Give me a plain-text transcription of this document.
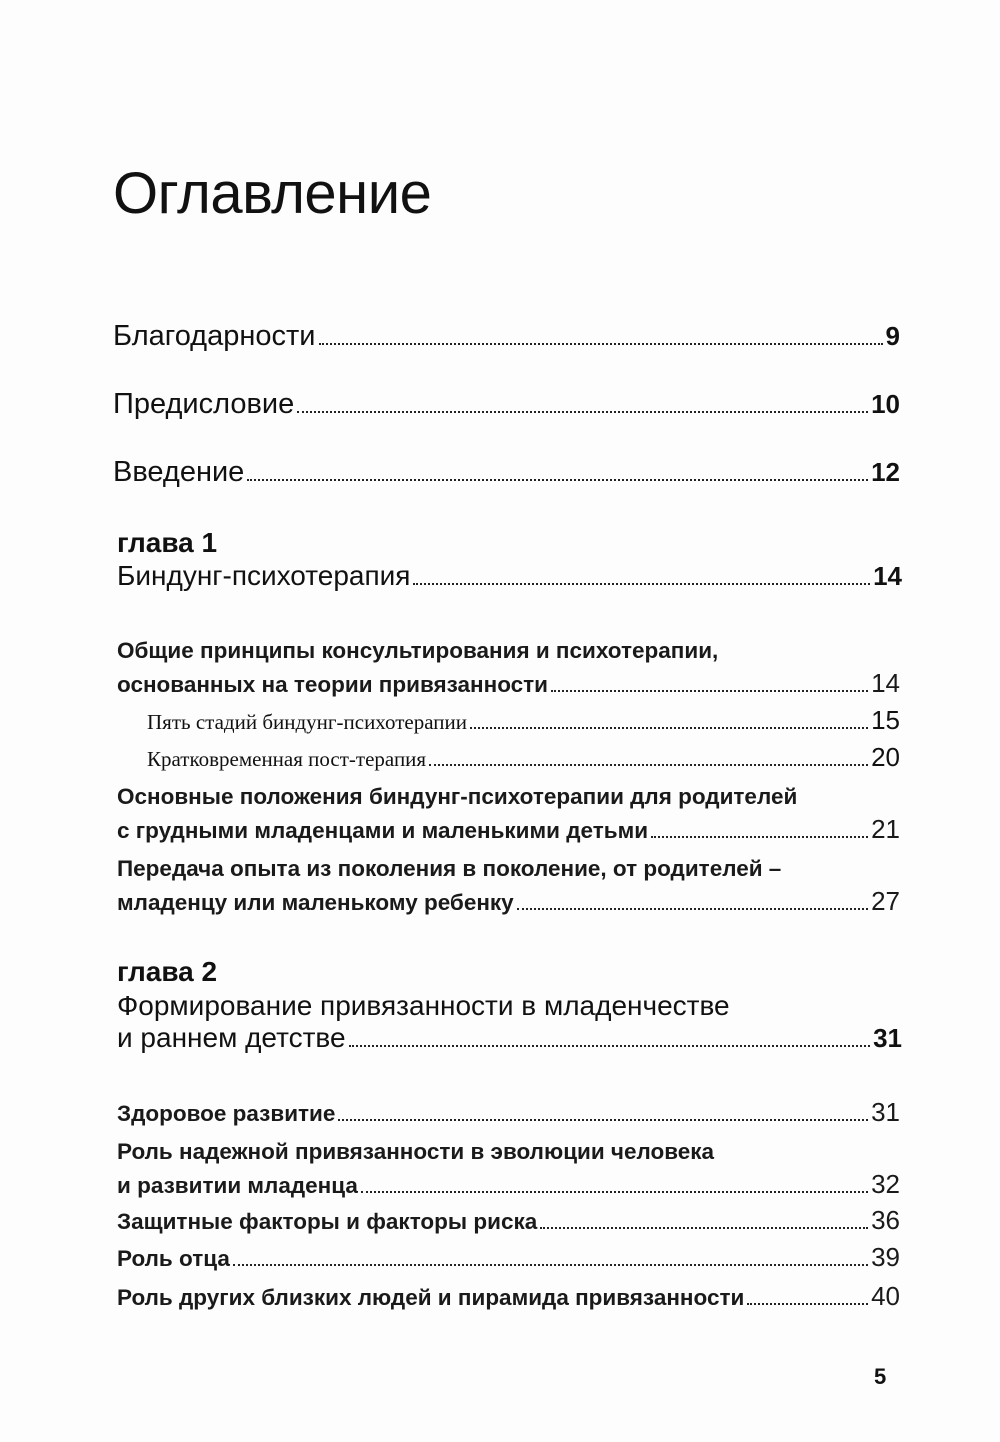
Оглавление
Благодарности	9
Предисловие	10
Введение	12
глава 1
Биндунг-психотерапия	14
Общие принципы консультирования и психотерапии,
основанных на теории привязанности	14
Пять стадий биндунг-психотерапии	15
Кратковременная пост-терапия	20
Основные положения биндунг-психотерапии для родителей
с грудными младенцами и маленькими детьми	21
Передача опыта из поколения в поколение, от родителей –
младенцу или маленькому ребенку	27
глава 2
Формирование привязанности в младенчестве
и раннем детстве	31
Здоровое развитие	31
Роль надежной привязанности в эволюции человека
и развитии младенца	32
Защитные факторы и факторы риска	36
Роль отца	39
Роль других близких людей и пирамида привязанности	40
5
